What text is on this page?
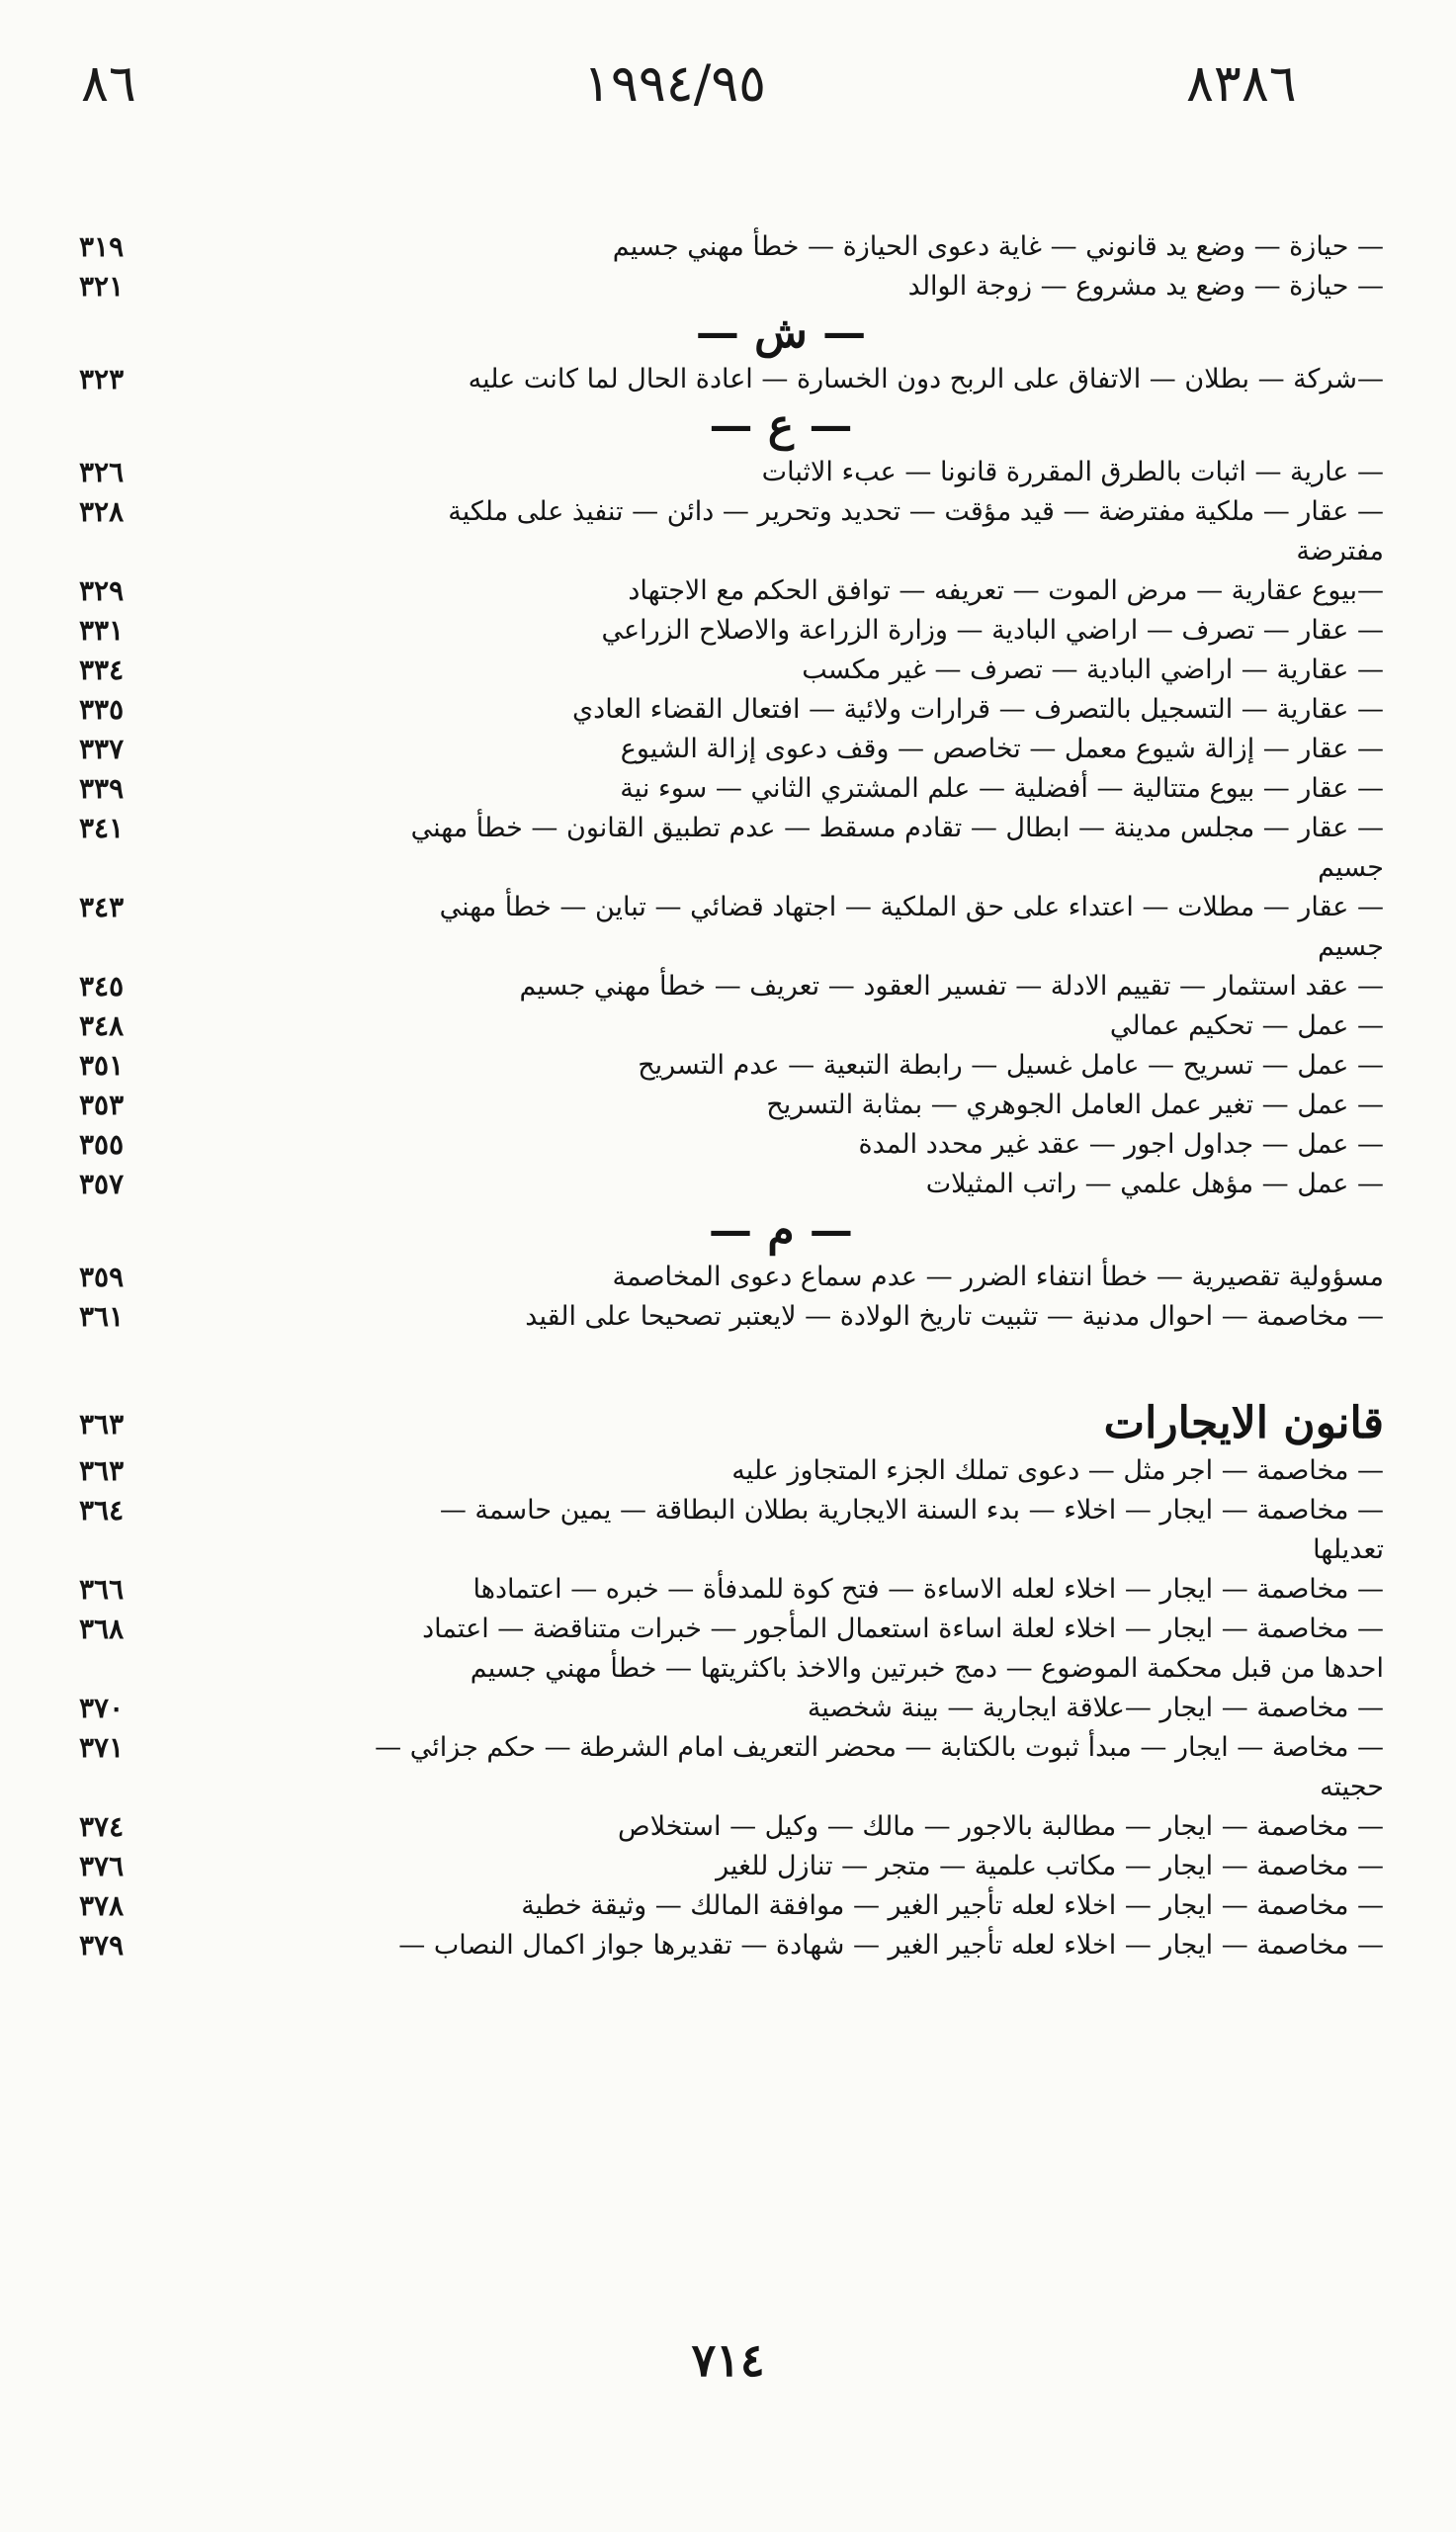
٨٦	١٩٩٤/٩٥	٨٣٨٦
— حيازة — وضع يد قانوني — غاية دعوى الحيازة — خطأ مهني جسيم
٣١٩
— حيازة — وضع يد مشروع — زوجة الوالد
٣٢١
— ش —
—شركة — بطلان — الاتفاق على الربح دون الخسارة — اعادة الحال لما كانت عليه
٣٢٣
— ع —
— عارية — اثبات بالطرق المقررة قانونا — عبء الاثبات
٣٢٦
— عقار — ملكية مفترضة — قيد مؤقت — تحديد وتحرير — دائن — تنفيذ على ملكية
٣٢٨
مفترضة
—بيوع عقارية — مرض الموت — تعريفه — توافق الحكم مع الاجتهاد
٣٢٩
— عقار — تصرف — اراضي البادية — وزارة الزراعة والاصلاح الزراعي
٣٣١
— عقارية — اراضي البادية — تصرف — غير مكسب
٣٣٤
— عقارية — التسجيل بالتصرف — قرارات ولائية — افتعال القضاء العادي
٣٣٥
— عقار — إزالة شيوع معمل — تخاصص — وقف دعوى إزالة الشيوع
٣٣٧
— عقار — بيوع متتالية — أفضلية — علم المشتري الثاني — سوء نية
٣٣٩
— عقار — مجلس مدينة — ابطال — تقادم مسقط — عدم تطبيق القانون — خطأ مهني
٣٤١
جسيم
— عقار — مطلات — اعتداء على حق الملكية — اجتهاد قضائي — تباين — خطأ مهني
٣٤٣
جسيم
— عقد استثمار — تقييم الادلة — تفسير العقود — تعريف — خطأ مهني جسيم
٣٤٥
— عمل — تحكيم عمالي
٣٤٨
— عمل — تسريح — عامل غسيل — رابطة التبعية — عدم التسريح
٣٥١
— عمل — تغير عمل العامل الجوهري — بمثابة التسريح
٣٥٣
— عمل — جداول اجور — عقد غير محدد المدة
٣٥٥
— عمل — مؤهل علمي — راتب المثيلات
٣٥٧
— م —
مسؤولية تقصيرية — خطأ انتفاء الضرر — عدم سماع دعوى المخاصمة
٣٥٩
— مخاصمة — احوال مدنية — تثبيت تاريخ الولادة — لايعتبر تصحيحا على القيد
٣٦١
قانون الايجارات
٣٦٣
— مخاصمة — اجر مثل — دعوى تملك الجزء المتجاوز عليه
٣٦٣
— مخاصمة — ايجار — اخلاء — بدء السنة الايجارية بطلان البطاقة — يمين حاسمة —
٣٦٤
تعديلها
— مخاصمة — ايجار — اخلاء لعله الاساءة — فتح كوة للمدفأة — خبره — اعتمادها
٣٦٦
— مخاصمة — ايجار — اخلاء لعلة اساءة استعمال المأجور — خبرات متناقضة — اعتماد
٣٦٨
احدها من قبل محكمة الموضوع — دمج خبرتين والاخذ باكثريتها — خطأ مهني جسيم
— مخاصمة — ايجار —علاقة ايجارية — بينة شخصية
٣٧٠
— مخاصة — ايجار — مبدأ ثبوت بالكتابة — محضر التعريف امام الشرطة — حكم جزائي —
٣٧١
حجيته
— مخاصمة — ايجار — مطالبة بالاجور — مالك — وكيل — استخلاص
٣٧٤
— مخاصمة — ايجار — مكاتب علمية — متجر — تنازل للغير
٣٧٦
— مخاصمة — ايجار — اخلاء لعله تأجير الغير — موافقة المالك — وثيقة خطية
٣٧٨
— مخاصمة — ايجار — اخلاء لعله تأجير الغير — شهادة — تقديرها جواز اكمال النصاب —
٣٧٩
٧١٤
